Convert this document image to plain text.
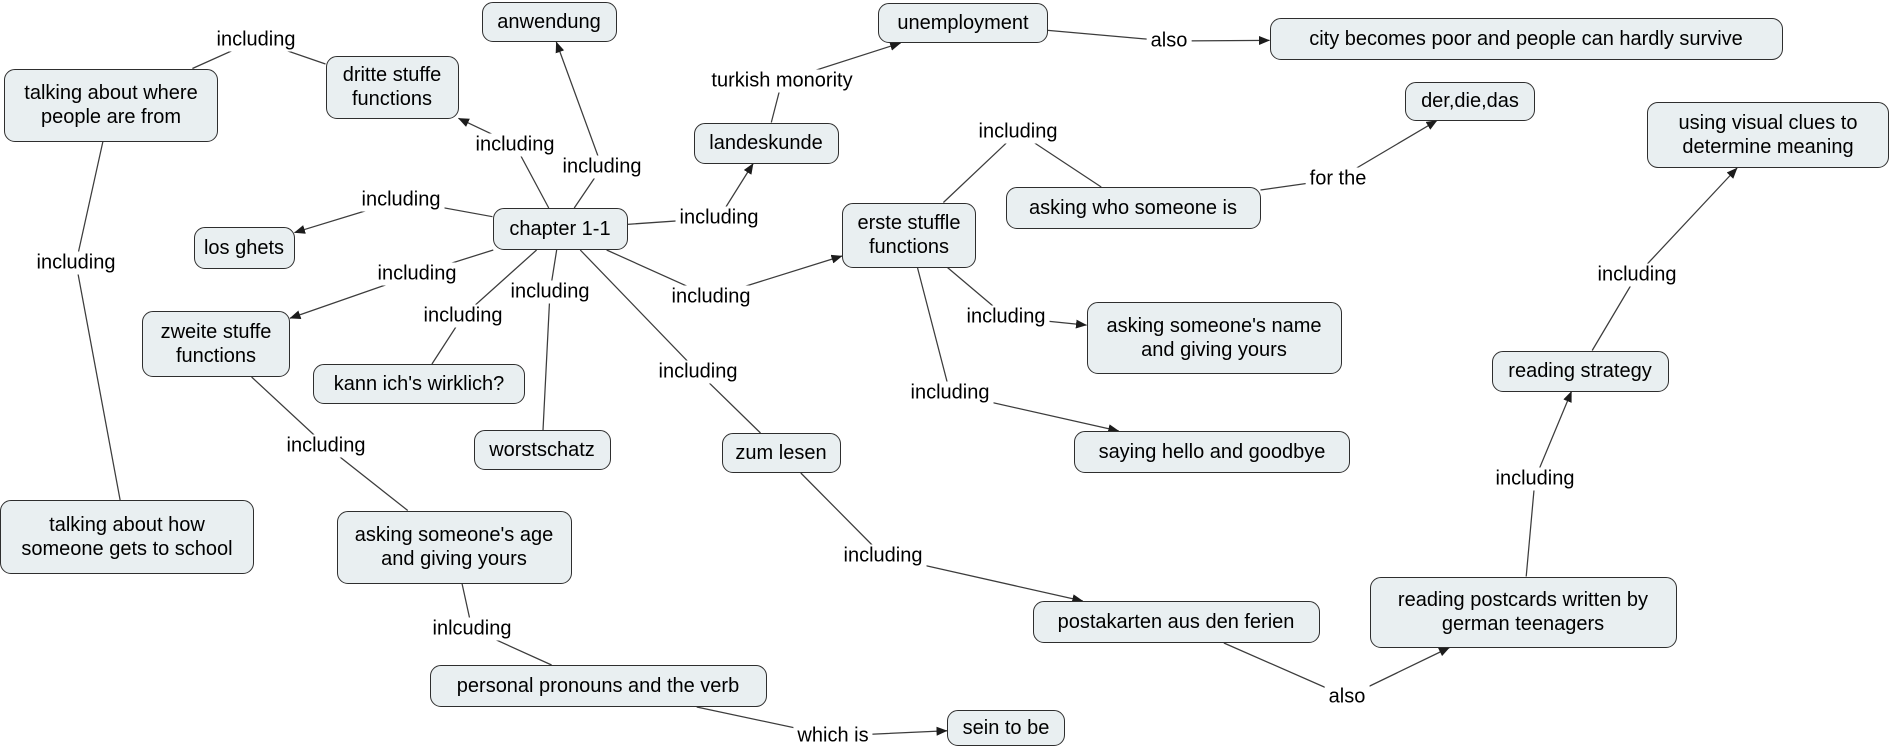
including
including
including
turkish monority
also
including
including
for the
including
including
including
including	including
including
including
including
including
including
inlcuding
which is
including
also
including
including
talking about where people are from
dritte stuffe functions
anwendung	unemployment
city becomes poor and people can hardly survive
landeskunde
der,die,das
using visual clues to determine meaning
los ghets
chapter 1-1	erste stuffle functions
asking who someone is
zweite stuffe functions
kann ich's wirklich?
asking someone's name and giving yours
reading strategy
worstschatz	zum lesen	saying hello and goodbye
talking about how someone gets to school
asking someone's age and giving yours
postakarten aus den ferien
reading postcards written by german teenagers
personal pronouns and the verb
sein to be
